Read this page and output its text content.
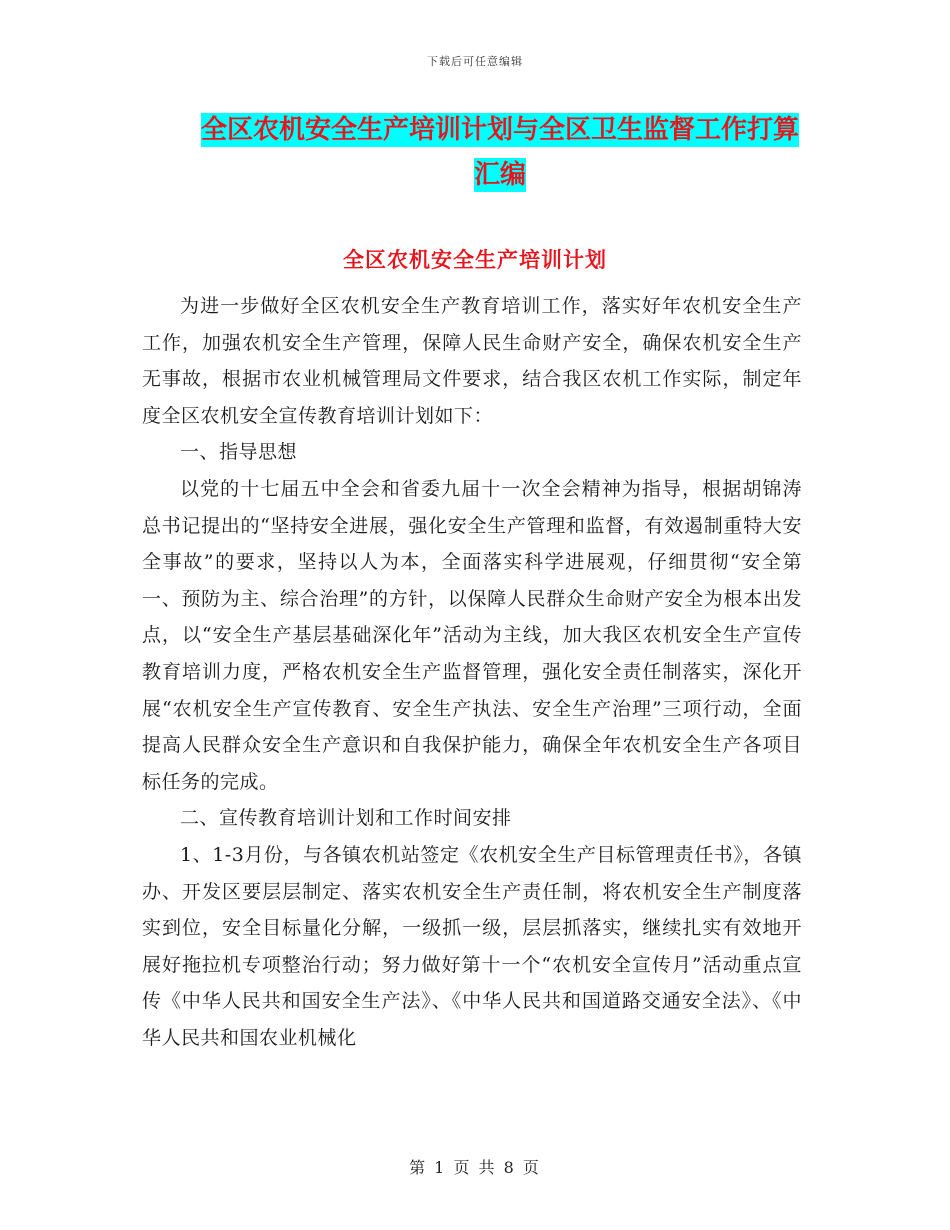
下载后可任意编辑
全区农机安全生产培训计划与全区卫生监督工作打算
汇编
全区农机安全生产培训计划

为进一步做好全区农机安全生产教育培训工作，落实好年农机安全生产工作，加强农机安全生产管理，保障人民生命财产安全，确保农机安全生产无事故，根据市农业机械管理局文件要求，结合我区农机工作实际，制定年度全区农机安全宣传教育培训计划如下：

一、指导思想

以党的十七届五中全会和省委九届十一次全会精神为指导，根据胡锦涛总书记提出的“坚持安全进展，强化安全生产管理和监督，有效遏制重特大安全事故”的要求，坚持以人为本，全面落实科学进展观，仔细贯彻“安全第一、预防为主、综合治理”的方针，以保障人民群众生命财产安全为根本出发点，以“安全生产基层基础深化年”活动为主线，加大我区农机安全生产宣传教育培训力度，严格农机安全生产监督管理，强化安全责任制落实，深化开展“农机安全生产宣传教育、安全生产执法、安全生产治理”三项行动，全面提高人民群众安全生产意识和自我保护能力，确保全年农机安全生产各项目标任务的完成。

二、宣传教育培训计划和工作时间安排

1、1-3月份，与各镇农机站签定《农机安全生产目标管理责任书》，各镇办、开发区要层层制定、落实农机安全生产责任制，将农机安全生产制度落实到位，安全目标量化分解，一级抓一级，层层抓落实，继续扎实有效地开展好拖拉机专项整治行动；努力做好第十一个“农机安全宣传月”活动重点宣传《中华人民共和国安全生产法》、《中华人民共和国道路交通安全法》、《中华人民共和国农业机械化

第 1 页 共 8 页
